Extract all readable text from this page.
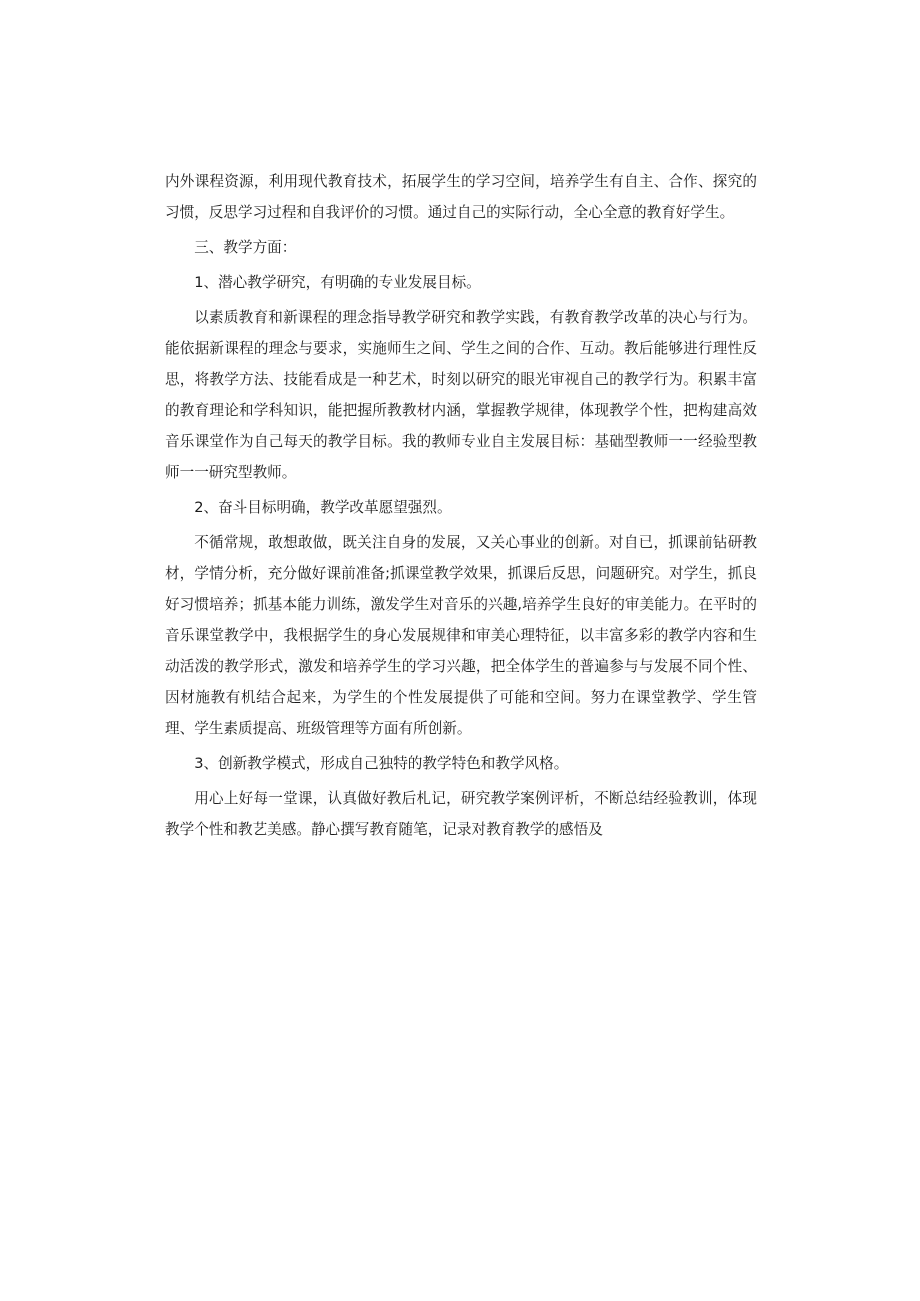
内外课程资源，利用现代教育技术，拓展学生的学习空间，培养学生有自主、合作、探究的习惯，反思学习过程和自我评价的习惯。通过自己的实际行动，全心全意的教育好学生。

三、教学方面：

1、潜心教学研究，有明确的专业发展目标。

以素质教育和新课程的理念指导教学研究和教学实践，有教育教学改革的决心与行为。能依据新课程的理念与要求，实施师生之间、学生之间的合作、互动。教后能够进行理性反思，将教学方法、技能看成是一种艺术，时刻以研究的眼光审视自己的教学行为。积累丰富的教育理论和学科知识，能把握所教教材内涵，掌握教学规律，体现教学个性，把构建高效音乐课堂作为自己每天的教学目标。我的教师专业自主发展目标：基础型教师一一经验型教师一一研究型教师。

2、奋斗目标明确，教学改革愿望强烈。

不循常规，敢想敢做，既关注自身的发展，又关心事业的创新。对自已，抓课前钻研教材，学情分析，充分做好课前准备;抓课堂教学效果，抓课后反思，问题研究。对学生，抓良好习惯培养；抓基本能力训练，激发学生对音乐的兴趣,培养学生良好的审美能力。在平时的音乐课堂教学中，我根据学生的身心发展规律和审美心理特征，以丰富多彩的教学内容和生动活泼的教学形式，激发和培养学生的学习兴趣，把全体学生的普遍参与与发展不同个性、因材施教有机结合起来，为学生的个性发展提供了可能和空间。努力在课堂教学、学生管理、学生素质提高、班级管理等方面有所创新。

3、创新教学模式，形成自己独特的教学特色和教学风格。

用心上好每一堂课，认真做好教后札记，研究教学案例评析，不断总结经验教训，体现教学个性和教艺美感。静心撰写教育随笔，记录对教育教学的感悟及
